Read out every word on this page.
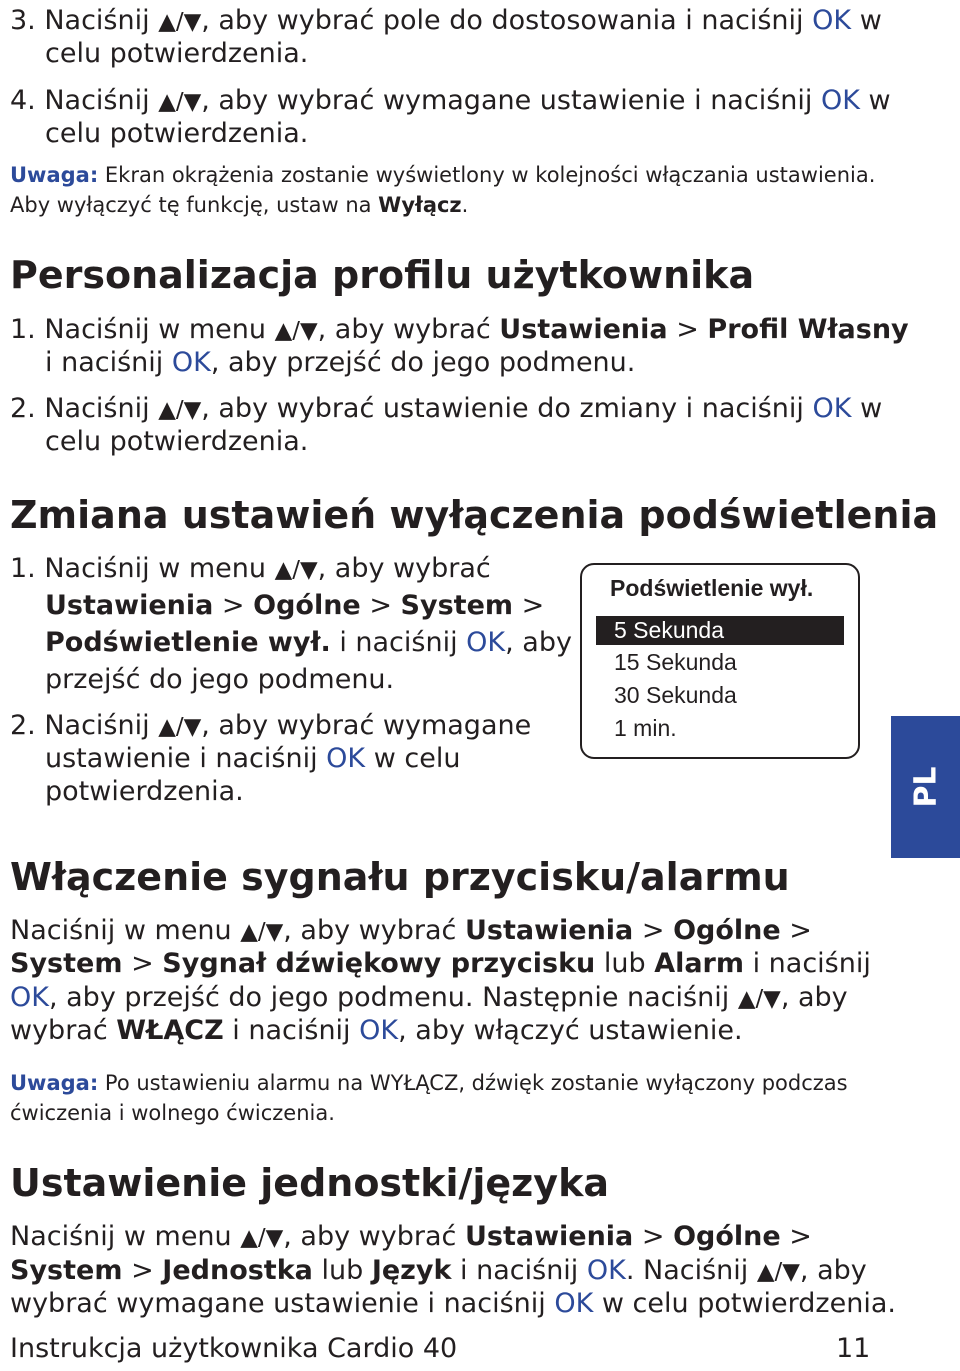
3. Naciśnij ▲/▼, aby wybrać pole do dostosowania i naciśnij OK w
celu potwierdzenia.
4. Naciśnij ▲/▼, aby wybrać wymagane ustawienie i naciśnij OK w
celu potwierdzenia.
Uwaga: Ekran okrążenia zostanie wyświetlony w kolejności włączania ustawienia.
Aby wyłączyć tę funkcję, ustaw na Wyłącz.
Personalizacja profilu użytkownika
1. Naciśnij w menu ▲/▼, aby wybrać Ustawienia > Profil Własny
i naciśnij OK, aby przejść do jego podmenu.
2. Naciśnij ▲/▼, aby wybrać ustawienie do zmiany i naciśnij OK w
celu potwierdzenia.
Zmiana ustawień wyłączenia podświetlenia
1. Naciśnij w menu ▲/▼, aby wybrać
Ustawienia > Ogólne > System >
Podświetlenie wył. i naciśnij OK, aby
przejść do jego podmenu.
2. Naciśnij ▲/▼, aby wybrać wymagane
ustawienie i naciśnij OK w celu
potwierdzenia.
Podświetlenie wył.
5 Sekunda
15 Sekunda
30 Sekunda
1 min.
PL
Włączenie sygnału przycisku/alarmu
Naciśnij w menu ▲/▼, aby wybrać Ustawienia > Ogólne >
System > Sygnał dźwiękowy przycisku lub Alarm i naciśnij
OK, aby przejść do jego podmenu. Następnie naciśnij ▲/▼, aby
wybrać WŁĄCZ i naciśnij OK, aby włączyć ustawienie.
Uwaga: Po ustawieniu alarmu na WYŁĄCZ, dźwięk zostanie wyłączony podczas
ćwiczenia i wolnego ćwiczenia.
Ustawienie jednostki/języka
Naciśnij w menu ▲/▼, aby wybrać Ustawienia > Ogólne >
System > Jednostka lub Język i naciśnij OK. Naciśnij ▲/▼, aby
wybrać wymagane ustawienie i naciśnij OK w celu potwierdzenia.
Instrukcja użytkownika Cardio 40	11
